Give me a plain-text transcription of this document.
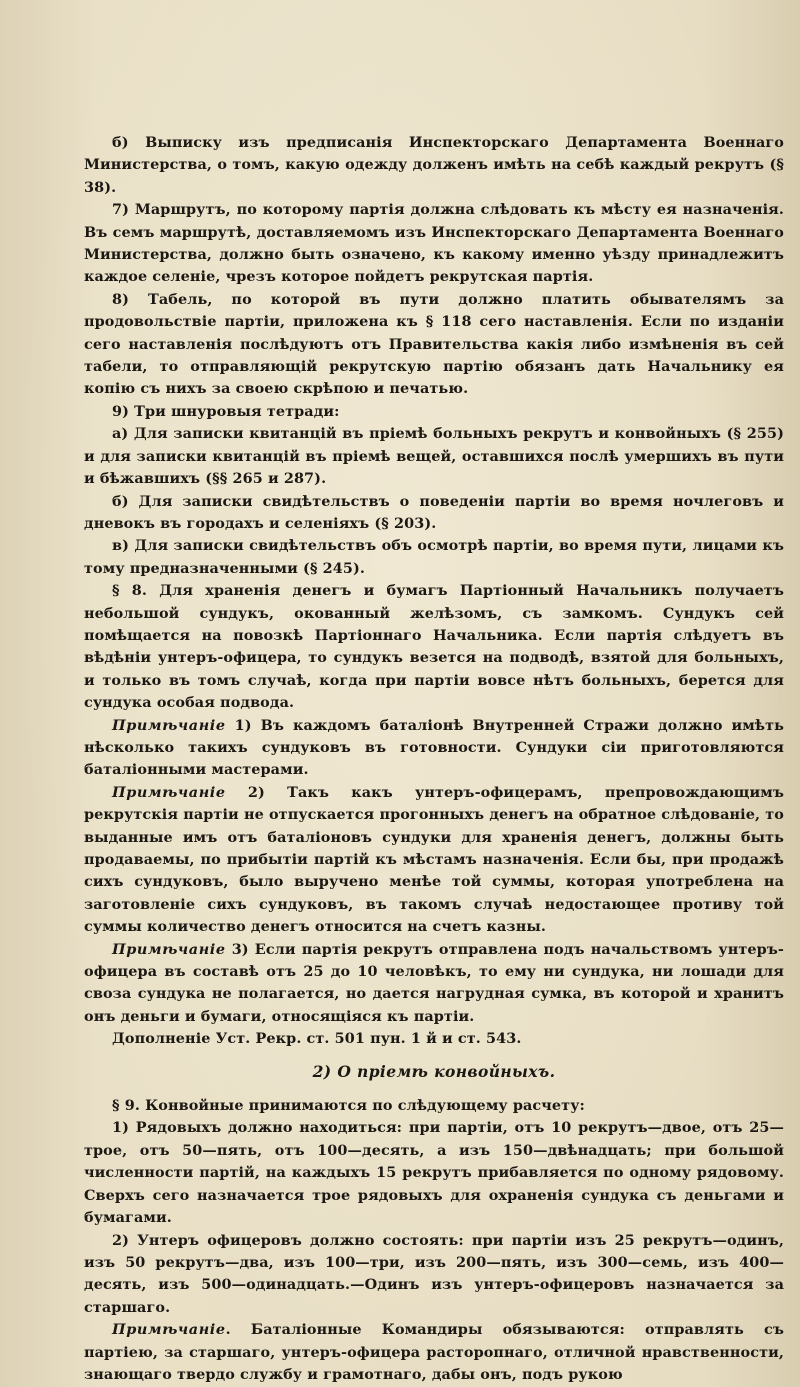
б) Выписку изъ предписанія Инспекторскаго Департамента Военнаго Министерства, о томъ, какую одежду долженъ имѣть на себѣ каждый рекрутъ (§ 38).

7) Маршрутъ, по которому партія должна слѣдовать къ мѣсту ея назначенія. Въ семъ маршрутѣ, доставляемомъ изъ Инспекторскаго Департамента Военнаго Министерства, должно быть означено, къ какому именно уѣзду принадлежитъ каждое селеніе, чрезъ которое пойдетъ рекрутская партія.

8) Табель, по которой въ пути должно платить обывателямъ за продовольствіе партіи, приложена къ § 118 сего наставленія. Если по изданіи сего наставленія послѣдуютъ отъ Правительства какія либо измѣненія въ сей табели, то отправляющій рекрутскую партію обязанъ дать Начальнику ея копію съ нихъ за своею скрѣпою и печатью.

9) Три шнуровыя тетради:

а) Для записки квитанцій въ пріемѣ больныхъ рекрутъ и конвойныхъ (§ 255) и для записки квитанцій въ пріемѣ вещей, оставшихся послѣ умершихъ въ пути и бѣжавшихъ (§§ 265 и 287).

б) Для записки свидѣтельствъ о поведеніи партіи во время ночлеговъ и дневокъ въ городахъ и селеніяхъ (§ 203).

в) Для записки свидѣтельствъ объ осмотрѣ партіи, во время пути, лицами къ тому предназначенными (§ 245).

§ 8. Для храненія денегъ и бумагъ Партіонный Начальникъ получаетъ небольшой сундукъ, окованный желѣзомъ, съ замкомъ. Сундукъ сей помѣщается на повозкѣ Партіоннаго Начальника. Если партія слѣдуетъ въ вѣдѣніи унтеръ-офицера, то сундукъ везется на подводѣ, взятой для больныхъ, и только въ томъ случаѣ, когда при партіи вовсе нѣтъ больныхъ, берется для сундука особая подвода.

Примѣчаніе 1) Въ каждомъ баталіонѣ Внутренней Стражи должно имѣть нѣсколько такихъ сундуковъ въ готовности. Сундуки сіи приготовляются баталіонными мастерами.

Примѣчаніе 2) Такъ какъ унтеръ-офицерамъ, препровождающимъ рекрутскія партіи не отпускается прогонныхъ денегъ на обратное слѣдованіе, то выданные имъ отъ баталіоновъ сундуки для храненія денегъ, должны быть продаваемы, по прибытіи партій къ мѣстамъ назначенія. Если бы, при продажѣ сихъ сундуковъ, было выручено менѣе той суммы, которая употреблена на заготовленіе сихъ сундуковъ, въ такомъ случаѣ недостающее противу той суммы количество денегъ относится на счетъ казны.

Примѣчаніе 3) Если партія рекрутъ отправлена подъ начальствомъ унтеръ-офицера въ составѣ отъ 25 до 10 человѣкъ, то ему ни сундука, ни лошади для своза сундука не полагается, но дается нагрудная сумка, въ которой и хранитъ онъ деньги и бумаги, относящіяся къ партіи.

Дополненіе Уст. Рекр. ст. 501 пун. 1 й и ст. 543.

2) О пріемѣ конвойныхъ.

§ 9. Конвойные принимаются по слѣдующему расчету:

1) Рядовыхъ должно находиться: при партіи, отъ 10 рекрутъ—двое, отъ 25—трое, отъ 50—пять, отъ 100—десять, а изъ 150—двѣнадцать; при большой численности партій, на каждыхъ 15 рекрутъ прибавляется по одному рядовому. Сверхъ сего назначается трое рядовыхъ для охраненія сундука съ деньгами и бумагами.

2) Унтеръ офицеровъ должно состоять: при партіи изъ 25 рекрутъ—одинъ, изъ 50 рекрутъ—два, изъ 100—три, изъ 200—пять, изъ 300—семь, изъ 400—десять, изъ 500—одинадцать.—Одинъ изъ унтеръ-офицеровъ назначается за старшаго.

Примѣчаніе. Баталіонные Командиры обязываются: отправлять съ партіею, за старшаго, унтеръ-офицера расторопнаго, отличной нравственности, знающаго твердо службу и грамотнаго, дабы онъ, подъ рукою
